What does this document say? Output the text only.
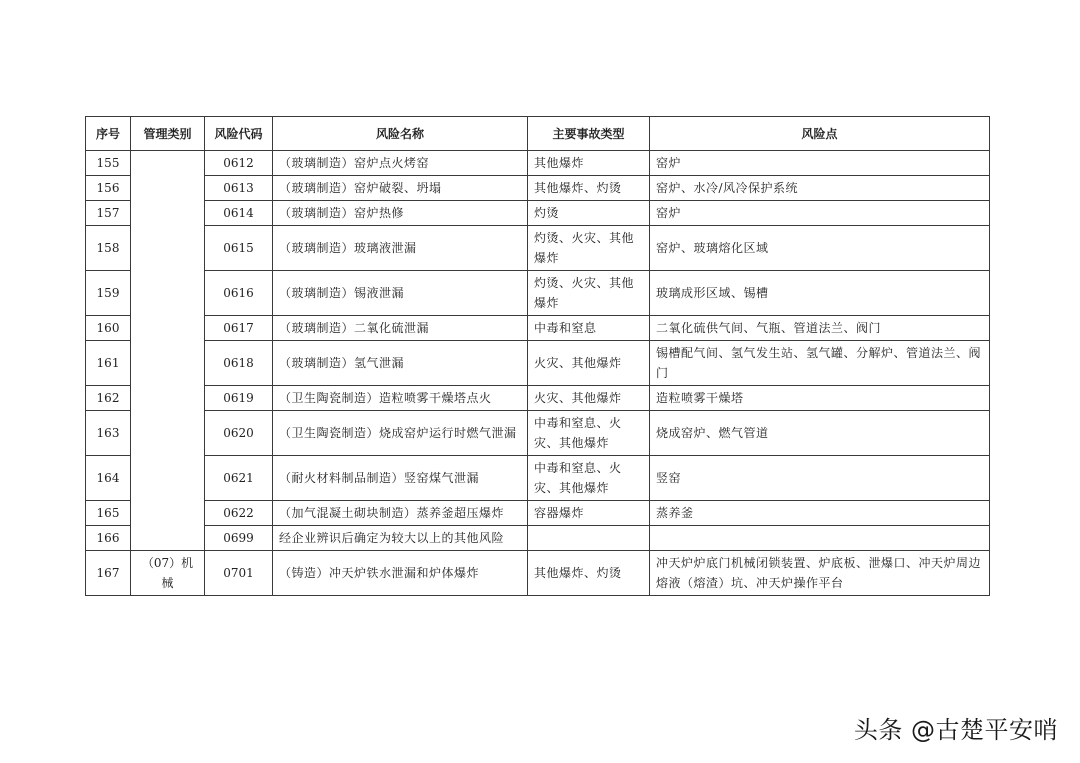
序号	管理类别	风险代码	风险名称	主要事故类型	风险点
155		0612	（玻璃制造）窑炉点火烤窑	其他爆炸	窑炉
156		0613	（玻璃制造）窑炉破裂、坍塌	其他爆炸、灼烫	窑炉、水冷/风冷保护系统
157		0614	（玻璃制造）窑炉热修	灼烫	窑炉
158		0615	（玻璃制造）玻璃液泄漏	灼烫、火灾、其他爆炸	窑炉、玻璃熔化区域
159		0616	（玻璃制造）锡液泄漏	灼烫、火灾、其他爆炸	玻璃成形区域、锡槽
160		0617	（玻璃制造）二氧化硫泄漏	中毒和窒息	二氧化硫供气间、气瓶、管道法兰、阀门
161		0618	（玻璃制造）氢气泄漏	火灾、其他爆炸	锡槽配气间、氢气发生站、氢气罐、分解炉、管道法兰、阀门
162		0619	（卫生陶瓷制造）造粒喷雾干燥塔点火	火灾、其他爆炸	造粒喷雾干燥塔
163		0620	（卫生陶瓷制造）烧成窑炉运行时燃气泄漏	中毒和窒息、火灾、其他爆炸	烧成窑炉、燃气管道
164		0621	（耐火材料制品制造）竖窑煤气泄漏	中毒和窒息、火灾、其他爆炸	竖窑
165		0622	（加气混凝土砌块制造）蒸养釜超压爆炸	容器爆炸	蒸养釜
166		0699	经企业辨识后确定为较大以上的其他风险		
167	（07）机械	0701	（铸造）冲天炉铁水泄漏和炉体爆炸	其他爆炸、灼烫	冲天炉炉底门机械闭锁装置、炉底板、泄爆口、冲天炉周边熔液（熔渣）坑、冲天炉操作平台
头条 @古楚平安哨
